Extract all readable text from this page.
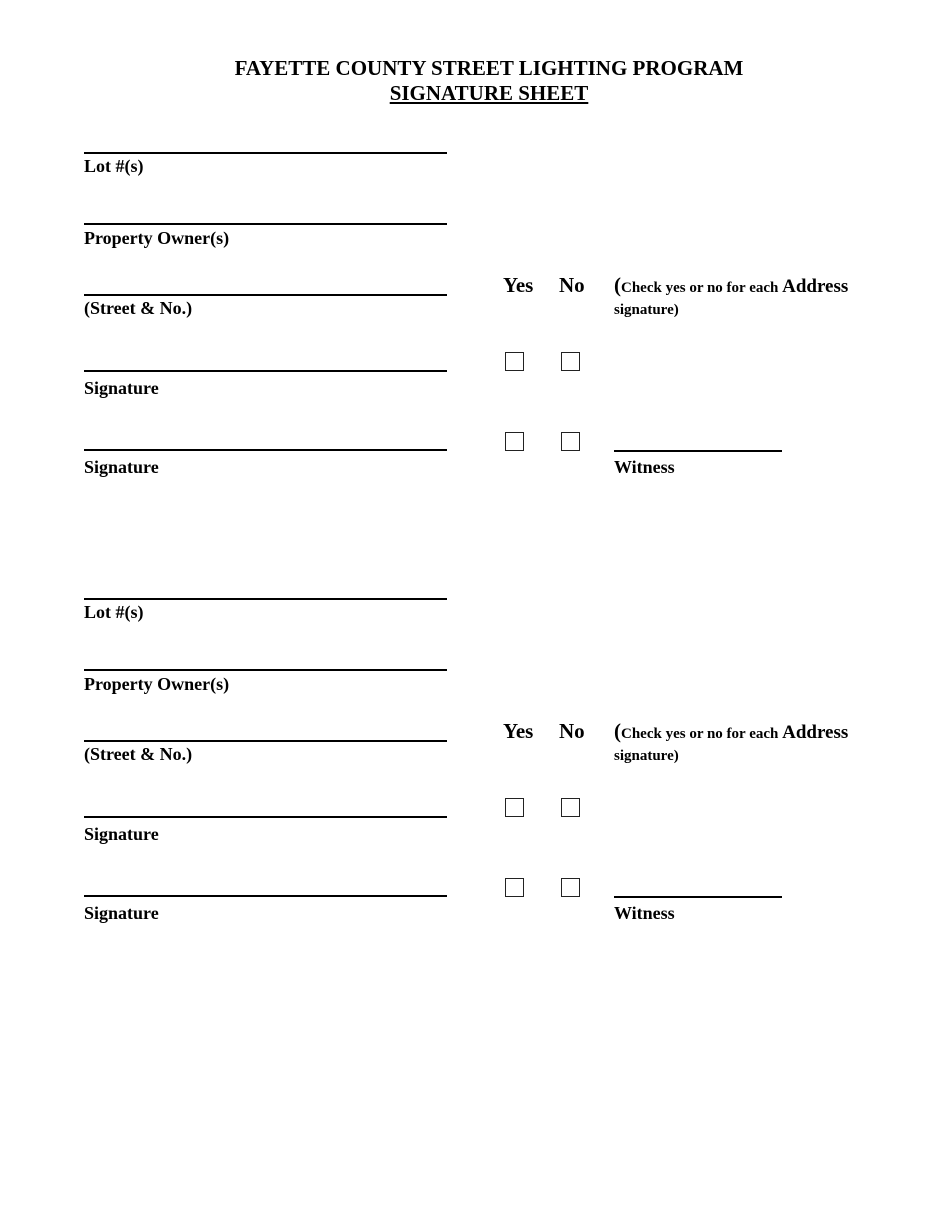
FAYETTE COUNTY STREET LIGHTING PROGRAM
SIGNATURE SHEET
Lot #(s)
Property Owner(s)
(Street & No.)
Signature
Signature
Yes No (Check yes or no for each Address signature)
Witness
Lot #(s)
Property Owner(s)
(Street & No.)
Signature
Signature
Yes No (Check yes or no for each Address signature)
Witness
